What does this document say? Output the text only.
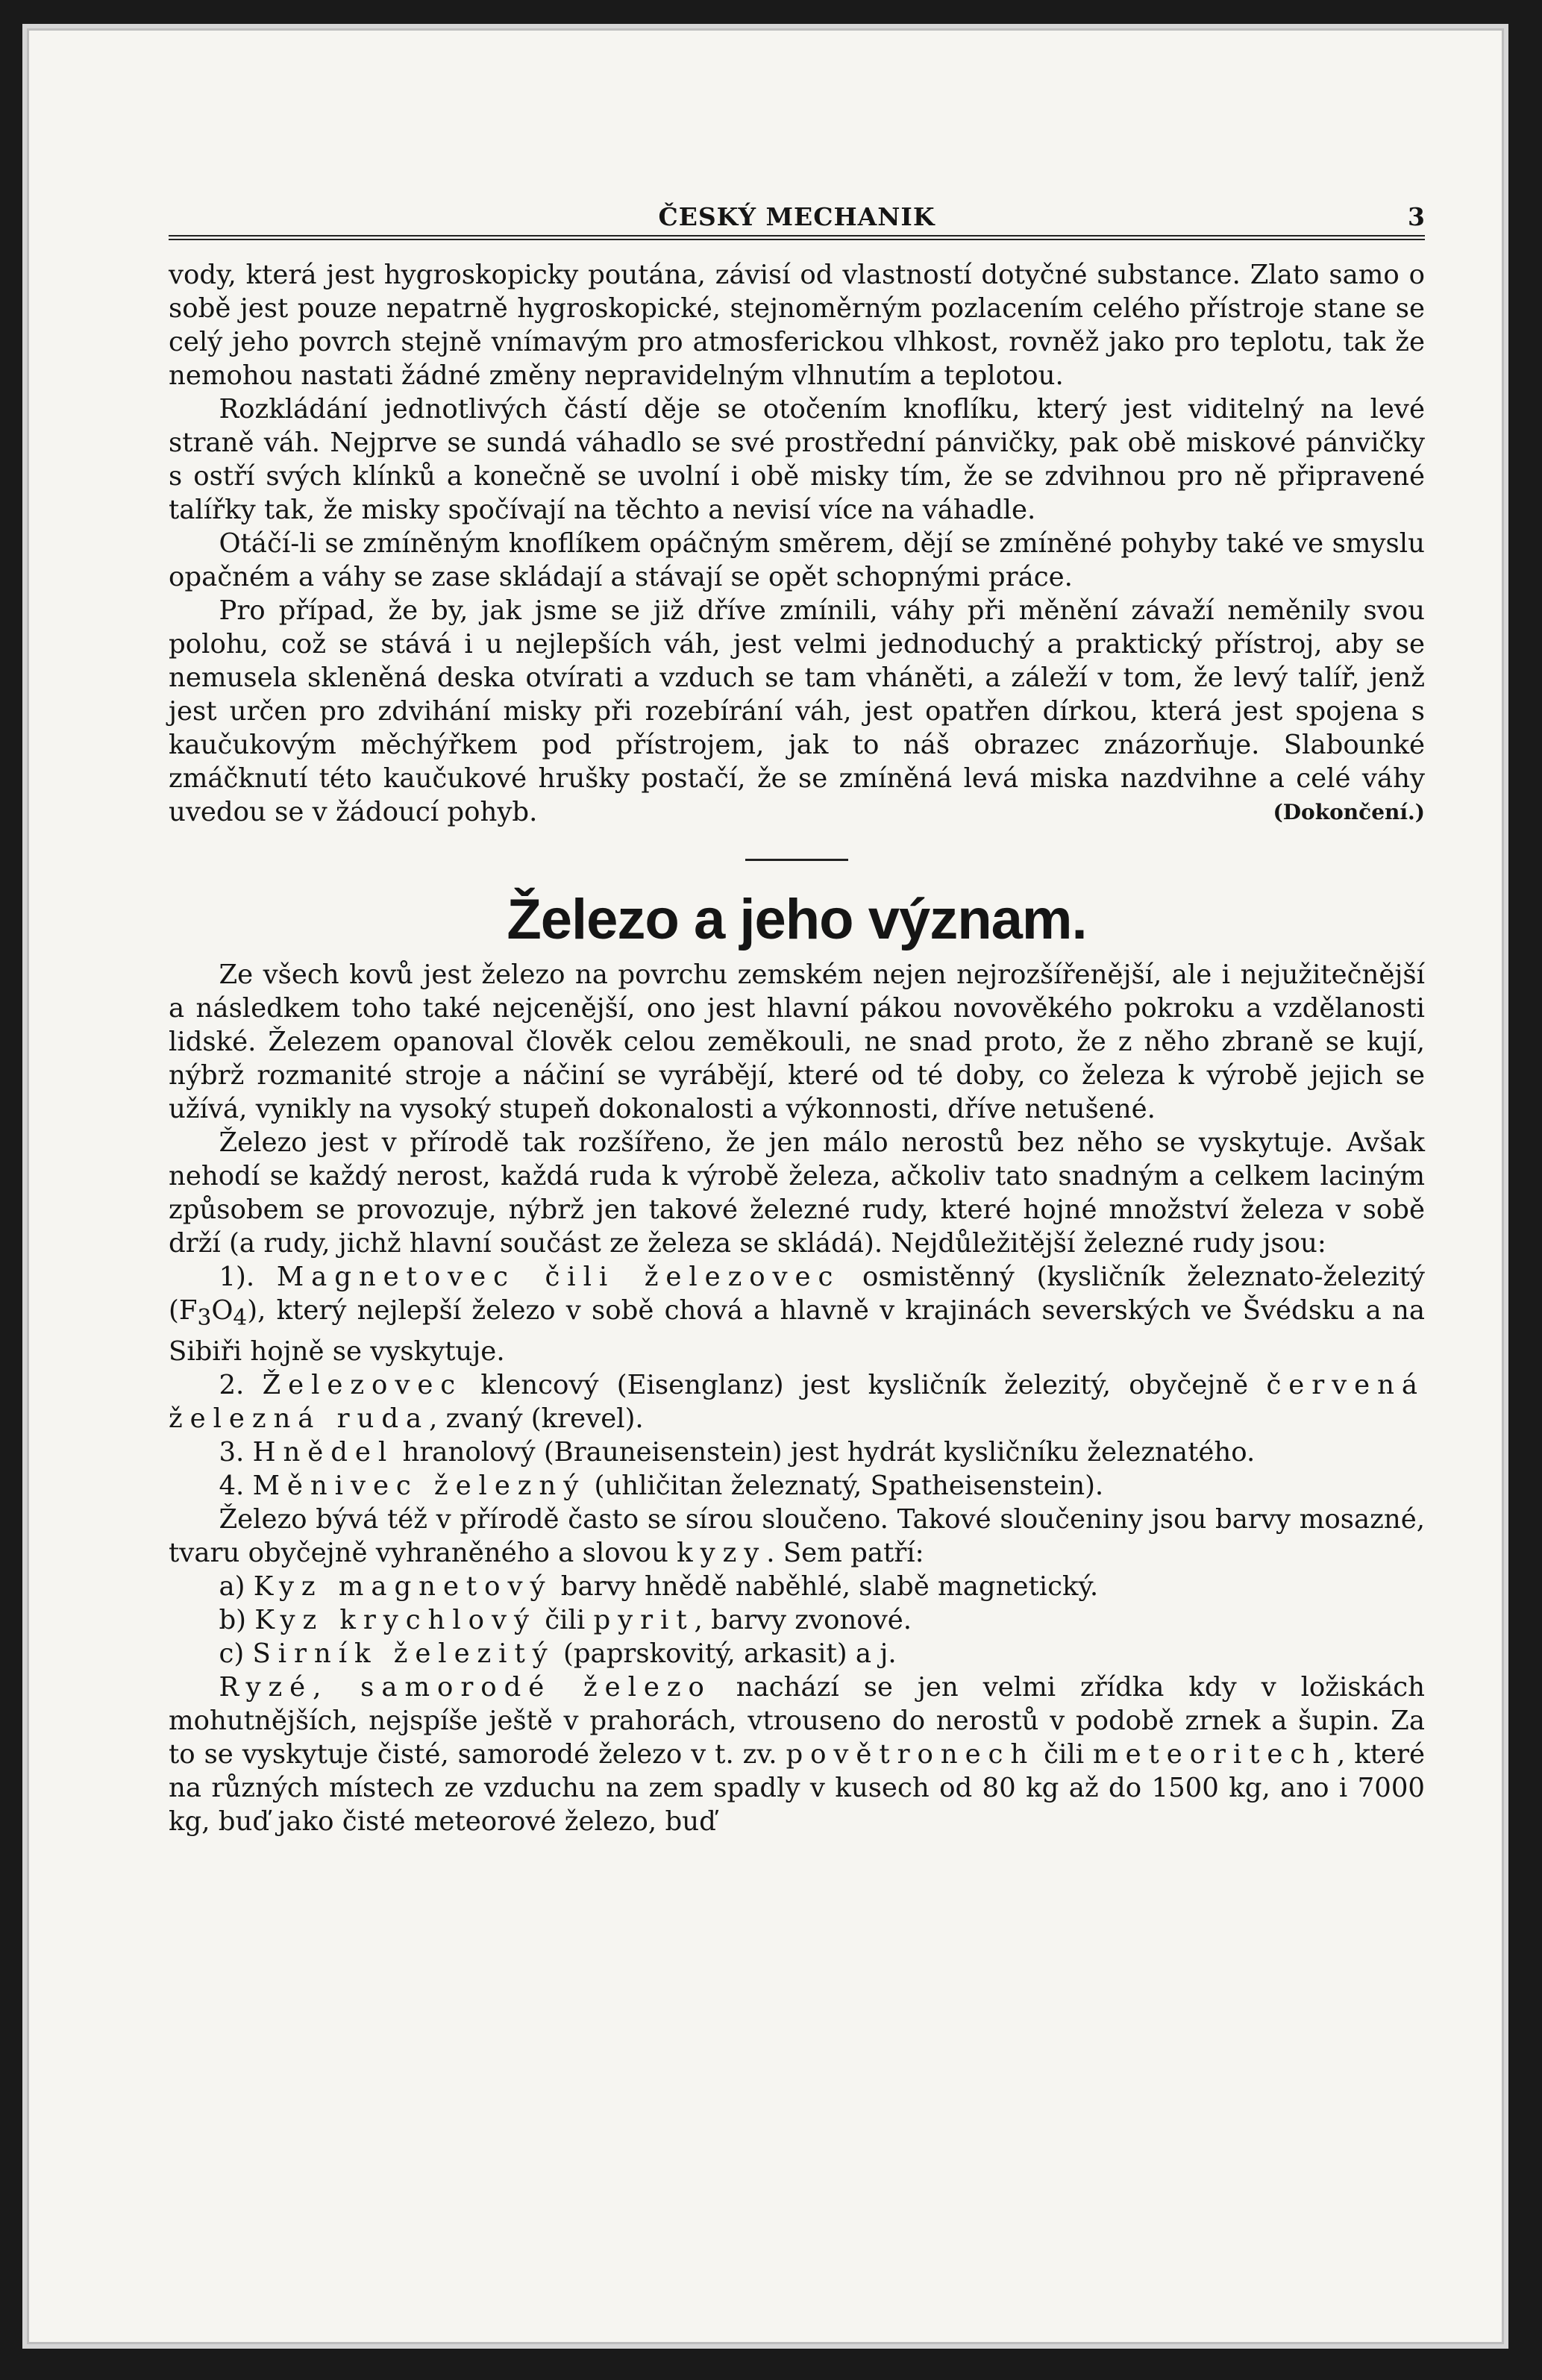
ČESKÝ MECHANIK	3

vody, která jest hygroskopicky poutána, závisí od vlastností dotyčné substance. Zlato samo o sobě jest pouze nepatrně hygroskopické, stejnoměrným pozlacením celého přístroje stane se celý jeho povrch stejně vnímavým pro atmosferickou vlhkost, rovněž jako pro teplotu, tak že nemohou nastati žádné změny nepravidelným vlhnutím a teplotou.

Rozkládání jednotlivých částí děje se otočením knoflíku, který jest viditelný na levé straně váh. Nejprve se sundá váhadlo se své prostřední pánvičky, pak obě miskové pánvičky s ostří svých klínků a konečně se uvolní i obě misky tím, že se zdvihnou pro ně připravené talířky tak, že misky spočívají na těchto a nevisí více na váhadle.

Otáčí-li se zmíněným knoflíkem opáčným směrem, dějí se zmíněné pohyby také ve smyslu opačném a váhy se zase skládají a stávají se opět schopnými práce.

Pro případ, že by, jak jsme se již dříve zmínili, váhy při měnění závaží neměnily svou polohu, což se stává i u nejlepších váh, jest velmi jednoduchý a praktický přístroj, aby se nemusela skleněná deska otvírati a vzduch se tam vháněti, a záleží v tom, že levý talíř, jenž jest určen pro zdvihání misky při rozebírání váh, jest opatřen dírkou, která jest spojena s kaučukovým měchýřkem pod přístrojem, jak to náš obrazec znázorňuje. Slabounké zmáčknutí této kaučukové hrušky postačí, že se zmíněná levá miska nazdvihne a celé váhy uvedou se v žádoucí pohyb.	(Dokončení.)

Železo a jeho význam.

Ze všech kovů jest železo na povrchu zemském nejen nejrozšířenější, ale i nejužitečnější a následkem toho také nejcenější, ono jest hlavní pákou novověkého pokroku a vzdělanosti lidské. Železem opanoval člověk celou zeměkouli, ne snad proto, že z něho zbraně se kují, nýbrž rozmanité stroje a náčiní se vyrábějí, které od té doby, co železa k výrobě jejich se užívá, vynikly na vysoký stupeň dokonalosti a výkonnosti, dříve netušené.

Železo jest v přírodě tak rozšířeno, že jen málo nerostů bez něho se vyskytuje. Avšak nehodí se každý nerost, každá ruda k výrobě železa, ačkoliv tato snadným a celkem laciným způsobem se provozuje, nýbrž jen takové železné rudy, které hojné množství železa v sobě drží (a rudy, jichž hlavní součást ze železa se skládá). Nejdůležitější železné rudy jsou:

1). Magnetovec čili železovec osmistěnný (kysličník železnato-železitý $(F_3O_4)$, který nejlepší železo v sobě chová a hlavně v krajinách severských ve Švédsku a na Sibiři hojně se vyskytuje.

2. Železovec klencový (Eisenglanz) jest kysličník železitý, obyčejně červená železná ruda, zvaný (krevel).

3. Hnědel hranolový (Brauneisenstein) jest hydrát kysličníku železnatého.

4. Měnivec železný (uhličitan železnatý, Spatheisenstein).

Železo bývá též v přírodě často se sírou sloučeno. Takové sloučeniny jsou barvy mosazné, tvaru obyčejně vyhraněného a slovou kyzy. Sem patří:

a) Kyz magnetový barvy hnědě naběhlé, slabě magnetický.

b) Kyz krychlový čili pyrit, barvy zvonové.

c) Sirník železitý (paprskovitý, arkasit) a j.

Ryzé, samorodé železo nachází se jen velmi zřídka kdy v ložiskách mohutnějších, nejspíše ještě v prahorách, vtrouseno do nerostů v podobě zrnek a šupin. Za to se vyskytuje čisté, samorodé železo v t. zv. povětronech čili meteoritech, které na různých místech ze vzduchu na zem spadly v kusech od 80 kg až do 1500 kg, ano i 7000 kg, buď jako čisté meteorové železo, buď
